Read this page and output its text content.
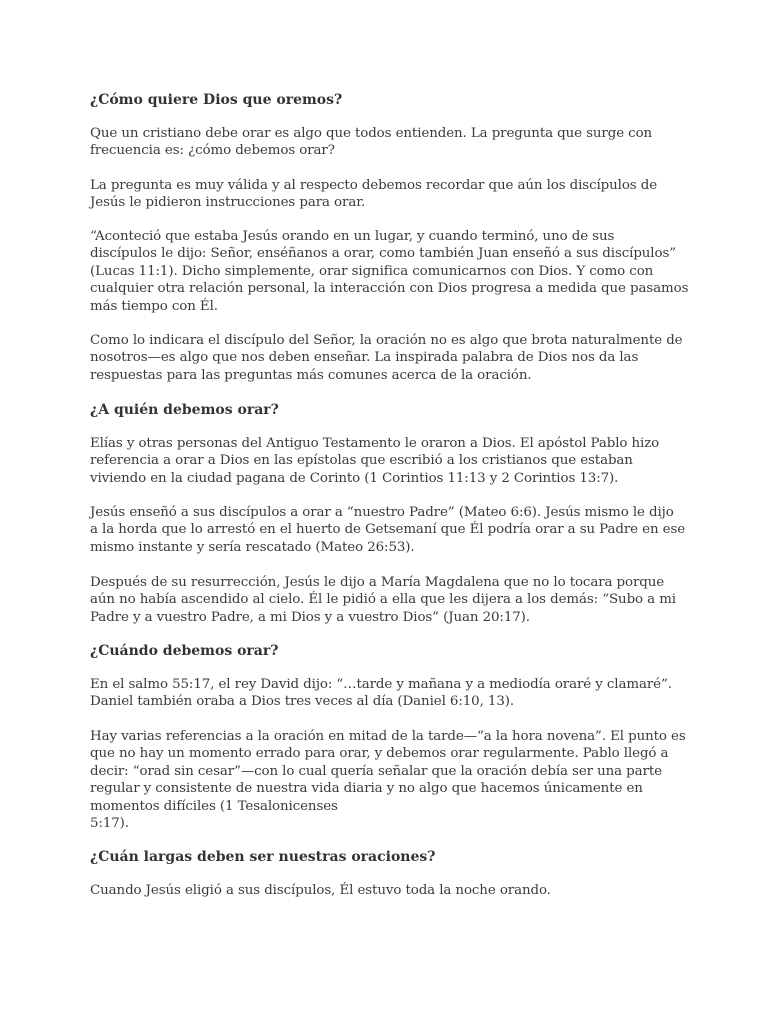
¿Cómo quiere Dios que oremos?

Que un cristiano debe orar es algo que todos entienden. La pregunta que surge con
frecuencia es: ¿cómo debemos orar?

La pregunta es muy válida y al respecto debemos recordar que aún los discípulos de
Jesús le pidieron instrucciones para orar.

“Aconteció que estaba Jesús orando en un lugar, y cuando terminó, uno de sus
discípulos le dijo: Señor, enséñanos a orar, como también Juan enseñó a sus discípulos”
(Lucas 11:1). Dicho simplemente, orar significa comunicarnos con Dios. Y como con
cualquier otra relación personal, la interacción con Dios progresa a medida que pasamos
más tiempo con Él.

Como lo indicara el discípulo del Señor, la oración no es algo que brota naturalmente de
nosotros—es algo que nos deben enseñar. La inspirada palabra de Dios nos da las
respuestas para las preguntas más comunes acerca de la oración.

¿A quién debemos orar?

Elías y otras personas del Antiguo Testamento le oraron a Dios. El apóstol Pablo hizo
referencia a orar a Dios en las epístolas que escribió a los cristianos que estaban
viviendo en la ciudad pagana de Corinto (1 Corintios 11:13 y 2 Corintios 13:7).

Jesús enseñó a sus discípulos a orar a “nuestro Padre” (Mateo 6:6). Jesús mismo le dijo
a la horda que lo arrestó en el huerto de Getsemaní que Él podría orar a su Padre en ese
mismo instante y sería rescatado (Mateo 26:53).

Después de su resurrección, Jesús le dijo a María Magdalena que no lo tocara porque
aún no había ascendido al cielo. Él le pidió a ella que les dijera a los demás: “Subo a mi
Padre y a vuestro Padre, a mi Dios y a vuestro Dios” (Juan 20:17).

¿Cuándo debemos orar?

En el salmo 55:17, el rey David dijo: “…tarde y mañana y a mediodía oraré y clamaré”.
Daniel también oraba a Dios tres veces al día (Daniel 6:10, 13).

Hay varias referencias a la oración en mitad de la tarde—“a la hora novena”. El punto es
que no hay un momento errado para orar, y debemos orar regularmente. Pablo llegó a
decir: “orad sin cesar”—con lo cual quería señalar que la oración debía ser una parte
regular y consistente de nuestra vida diaria y no algo que hacemos únicamente en
momentos difíciles (1 Tesalonicenses
5:17).

¿Cuán largas deben ser nuestras oraciones?

Cuando Jesús eligió a sus discípulos, Él estuvo toda la noche orando.
